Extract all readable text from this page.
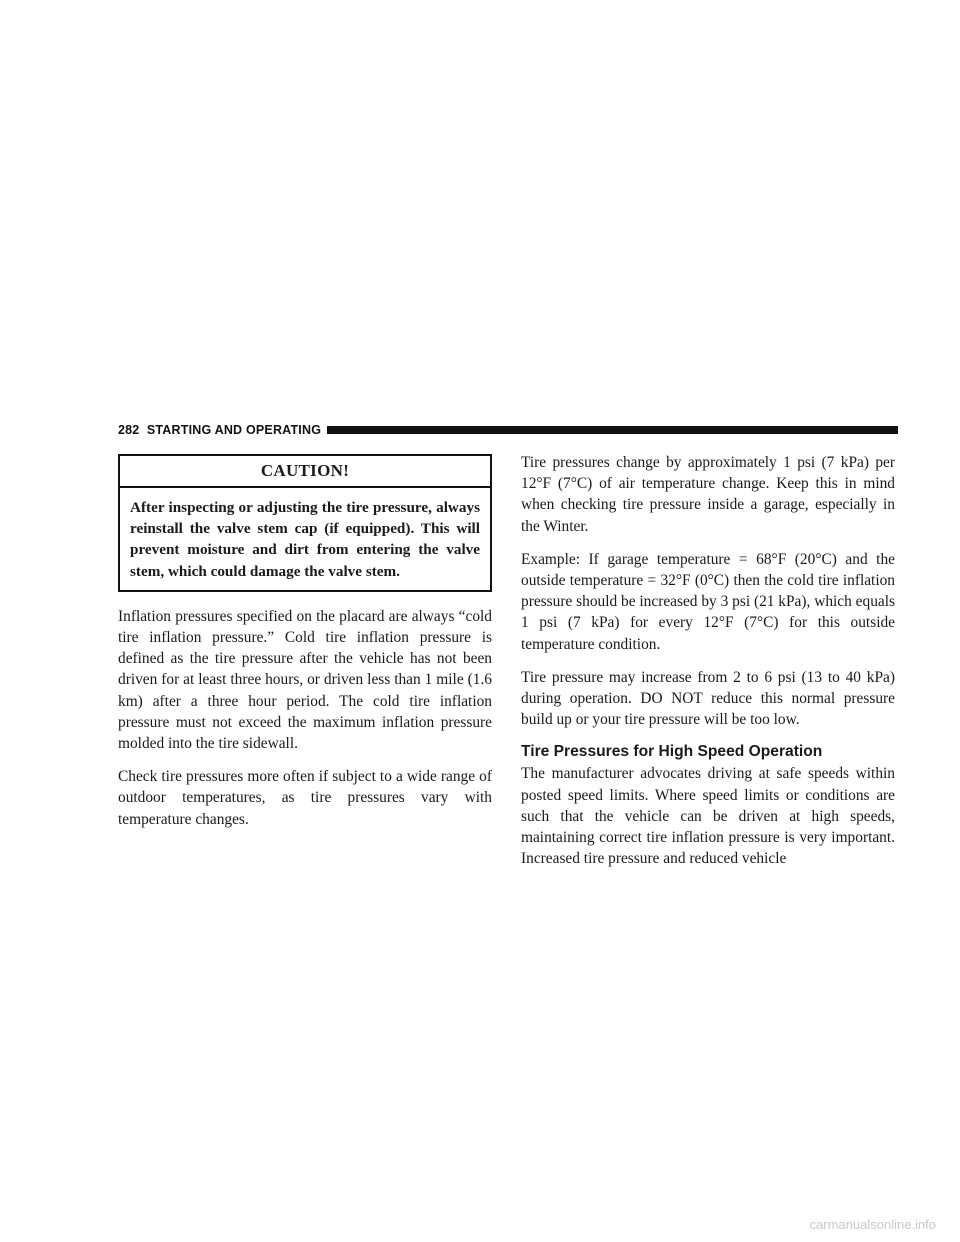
282 STARTING AND OPERATING
CAUTION!
After inspecting or adjusting the tire pressure, always reinstall the valve stem cap (if equipped). This will prevent moisture and dirt from entering the valve stem, which could damage the valve stem.

Inflation pressures specified on the placard are always “cold tire inflation pressure.” Cold tire inflation pressure is defined as the tire pressure after the vehicle has not been driven for at least three hours, or driven less than 1 mile (1.6 km) after a three hour period. The cold tire inflation pressure must not exceed the maximum inflation pressure molded into the tire sidewall.

Check tire pressures more often if subject to a wide range of outdoor temperatures, as tire pressures vary with temperature changes.

Tire pressures change by approximately 1 psi (7 kPa) per 12°F (7°C) of air temperature change. Keep this in mind when checking tire pressure inside a garage, especially in the Winter.

Example: If garage temperature = 68°F (20°C) and the outside temperature = 32°F (0°C) then the cold tire inflation pressure should be increased by 3 psi (21 kPa), which equals 1 psi (7 kPa) for every 12°F (7°C) for this outside temperature condition.

Tire pressure may increase from 2 to 6 psi (13 to 40 kPa) during operation. DO NOT reduce this normal pressure build up or your tire pressure will be too low.

Tire Pressures for High Speed Operation

The manufacturer advocates driving at safe speeds within posted speed limits. Where speed limits or conditions are such that the vehicle can be driven at high speeds, maintaining correct tire inflation pressure is very important. Increased tire pressure and reduced vehicle

carmanualsonline.info
